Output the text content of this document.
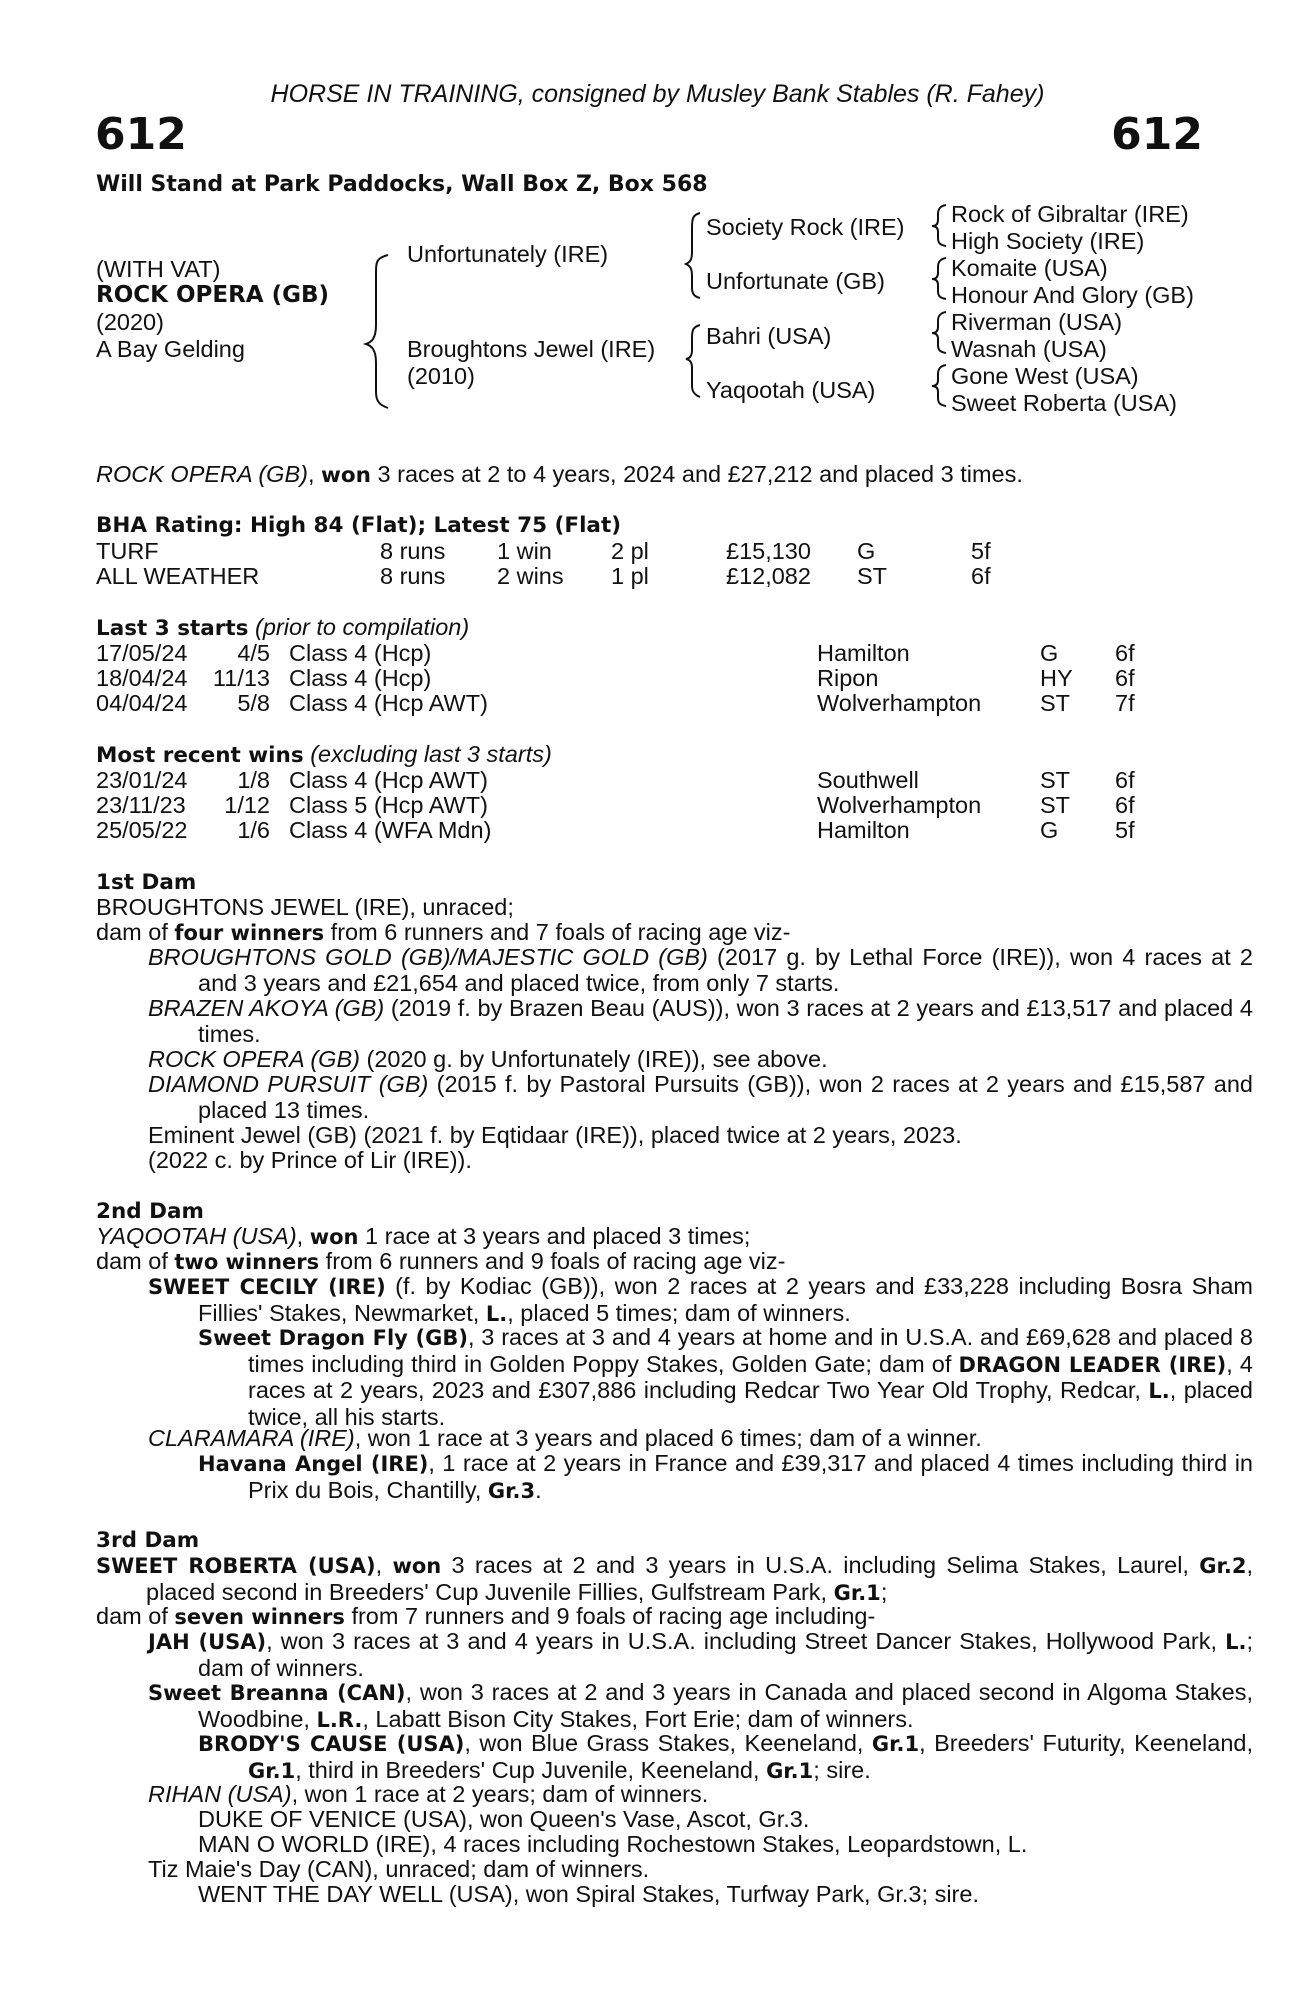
HORSE IN TRAINING, consigned by Musley Bank Stables (R. Fahey)
612	612
Will Stand at Park Paddocks, Wall Box Z, Box 568
(WITH VAT)
ROCK OPERA (GB)
(2020)
A Bay Gelding
Unfortunately (IRE)
Broughtons Jewel (IRE)
(2010)
Society Rock (IRE)
Unfortunate (GB)
Bahri (USA)
Yaqootah (USA)
Rock of Gibraltar (IRE)
High Society (IRE)
Komaite (USA)
Honour And Glory (GB)
Riverman (USA)
Wasnah (USA)
Gone West (USA)
Sweet Roberta (USA)
ROCK OPERA (GB), won 3 races at 2 to 4 years, 2024 and £27,212 and placed 3 times.
BHA Rating: High 84 (Flat); Latest 75 (Flat)
TURF	8 runs 1 win	2 pl	£15,130 G	5f
ALL WEATHER	8 runs 2 wins 1 pl	£12,082 ST	6f
Last 3 starts (prior to compilation)
17/05/24	4/5 Class 4 (Hcp)	Hamilton	G 6f
18/04/24 11/13 Class 4 (Hcp)	Ripon	HY 6f
04/04/24	5/8 Class 4 (Hcp AWT)	Wolverhampton	ST 7f
Most recent wins (excluding last 3 starts)
23/01/24	1/8 Class 4 (Hcp AWT)	Southwell	ST 6f
23/11/23	1/12 Class 5 (Hcp AWT)	Wolverhampton	ST 6f
25/05/22	1/6 Class 4 (WFA Mdn)	Hamilton	G 5f
1st Dam
BROUGHTONS JEWEL (IRE), unraced;
dam of four winners from 6 runners and 7 foals of racing age viz-
BROUGHTONS GOLD (GB)/MAJESTIC GOLD (GB) (2017 g. by Lethal Force (IRE)), won 4 races at 2 and 3 years and £21,654 and placed twice, from only 7 starts.
BRAZEN AKOYA (GB) (2019 f. by Brazen Beau (AUS)), won 3 races at 2 years and £13,517 and placed 4 times.
ROCK OPERA (GB) (2020 g. by Unfortunately (IRE)), see above.
DIAMOND PURSUIT (GB) (2015 f. by Pastoral Pursuits (GB)), won 2 races at 2 years and £15,587 and placed 13 times.
Eminent Jewel (GB) (2021 f. by Eqtidaar (IRE)), placed twice at 2 years, 2023.
(2022 c. by Prince of Lir (IRE)).
2nd Dam
YAQOOTAH (USA), won 1 race at 3 years and placed 3 times;
dam of two winners from 6 runners and 9 foals of racing age viz-
SWEET CECILY (IRE) (f. by Kodiac (GB)), won 2 races at 2 years and £33,228 including Bosra Sham Fillies' Stakes, Newmarket, L., placed 5 times; dam of winners.
Sweet Dragon Fly (GB), 3 races at 3 and 4 years at home and in U.S.A. and £69,628 and placed 8 times including third in Golden Poppy Stakes, Golden Gate; dam of DRAGON LEADER (IRE), 4 races at 2 years, 2023 and £307,886 including Redcar Two Year Old Trophy, Redcar, L., placed twice, all his starts.
CLARAMARA (IRE), won 1 race at 3 years and placed 6 times; dam of a winner.
Havana Angel (IRE), 1 race at 2 years in France and £39,317 and placed 4 times including third in Prix du Bois, Chantilly, Gr.3.
3rd Dam
SWEET ROBERTA (USA), won 3 races at 2 and 3 years in U.S.A. including Selima Stakes, Laurel, Gr.2, placed second in Breeders' Cup Juvenile Fillies, Gulfstream Park, Gr.1;
dam of seven winners from 7 runners and 9 foals of racing age including-
JAH (USA), won 3 races at 3 and 4 years in U.S.A. including Street Dancer Stakes, Hollywood Park, L.; dam of winners.
Sweet Breanna (CAN), won 3 races at 2 and 3 years in Canada and placed second in Algoma Stakes, Woodbine, L.R., Labatt Bison City Stakes, Fort Erie; dam of winners.
BRODY'S CAUSE (USA), won Blue Grass Stakes, Keeneland, Gr.1, Breeders' Futurity, Keeneland, Gr.1, third in Breeders' Cup Juvenile, Keeneland, Gr.1; sire.
RIHAN (USA), won 1 race at 2 years; dam of winners.
DUKE OF VENICE (USA), won Queen's Vase, Ascot, Gr.3.
MAN O WORLD (IRE), 4 races including Rochestown Stakes, Leopardstown, L.
Tiz Maie's Day (CAN), unraced; dam of winners.
WENT THE DAY WELL (USA), won Spiral Stakes, Turfway Park, Gr.3; sire.
